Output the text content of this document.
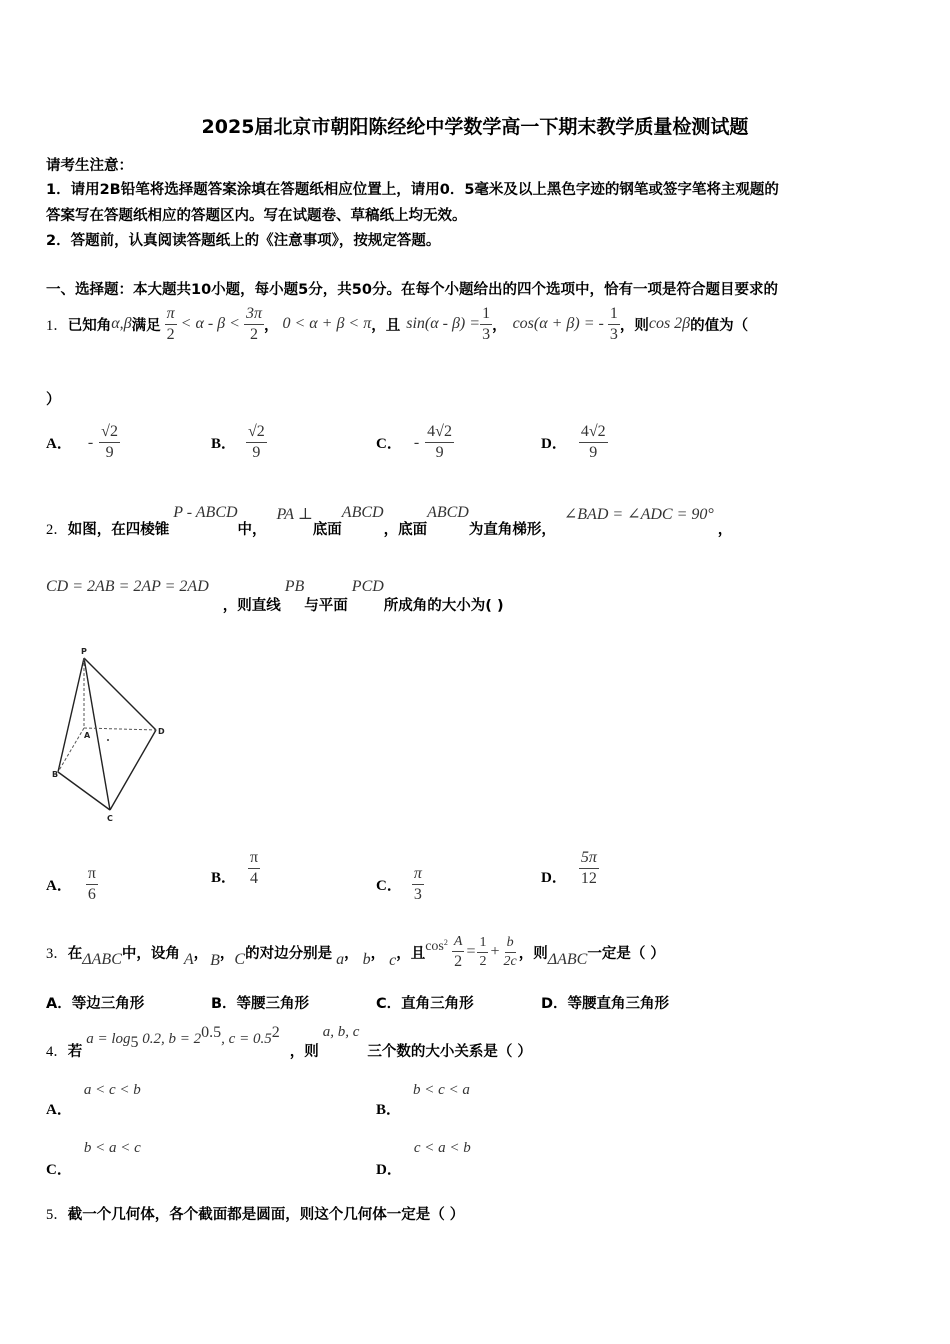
2025届北京市朝阳陈经纶中学数学高一下期末教学质量检测试题
请考生注意：
1．请用2B铅笔将选择题答案涂填在答题纸相应位置上，请用0．5毫米及以上黑色字迹的钢笔或签字笔将主观题的
答案写在答题纸相应的答题区内。写在试题卷、草稿纸上均无效。
2．答题前，认真阅读答题纸上的《注意事项》，按规定答题。
一、选择题：本大题共10小题，每小题5分，共50分。在每个小题给出的四个选项中，恰有一项是符合题目要求的
1． 已知角 α,β 满足 $\frac{\pi}{2} < \alpha - \beta < \frac{3\pi}{2}$ ， 0 < α + β < π ，且 $\sin(\alpha - \beta) = \frac{1}{3}$ ， cos(α + β) = - $\frac{1}{3}$ ，则 cos 2β 的值为（
）
A． - $\frac{√2}{9}$	B． $\frac{√2}{9}$	C． - $\frac{4√2}{9}$	D． $\frac{4√2}{9}$
2． 如图，在四棱锥
P - ABCD
中，
PA ⊥
底面
ABCD
，底面
ABCD
为直角梯形，
∠BAD = ∠ADC = 90°
，
CD = 2AB = 2AP = 2AD
，则直线
PB
与平面
PCD
所成角的大小为( )
P
A
B
C
D
A． $\frac{\pi}{6}$	B． $\frac{\pi}{4}$	C． $\frac{\pi}{3}$	D． $\frac{5\pi}{12}$
3． 在 ΔABC 中，设角 A ， B ， C 的对边分别是 a ， b ， c ，且 $\cos^2 \frac{A}{2} = \frac{1}{2} + \frac{b}{2c}$ ，则 ΔABC 一定是（ ）
A．等边三角形	B．等腰三角形	C．直角三角形	D．等腰直角三角形
4． 若
$a = \log_5 0.2$, $b = 2^{0.5}$, $c = 0.5^2$
，则
a, b, c
三个数的大小关系是（ ）
A．
a < c < b
B．
b < c < a
C．
b < a < c
D．
c < a < b
5．截一个几何体，各个截面都是圆面，则这个几何体一定是（ ）
